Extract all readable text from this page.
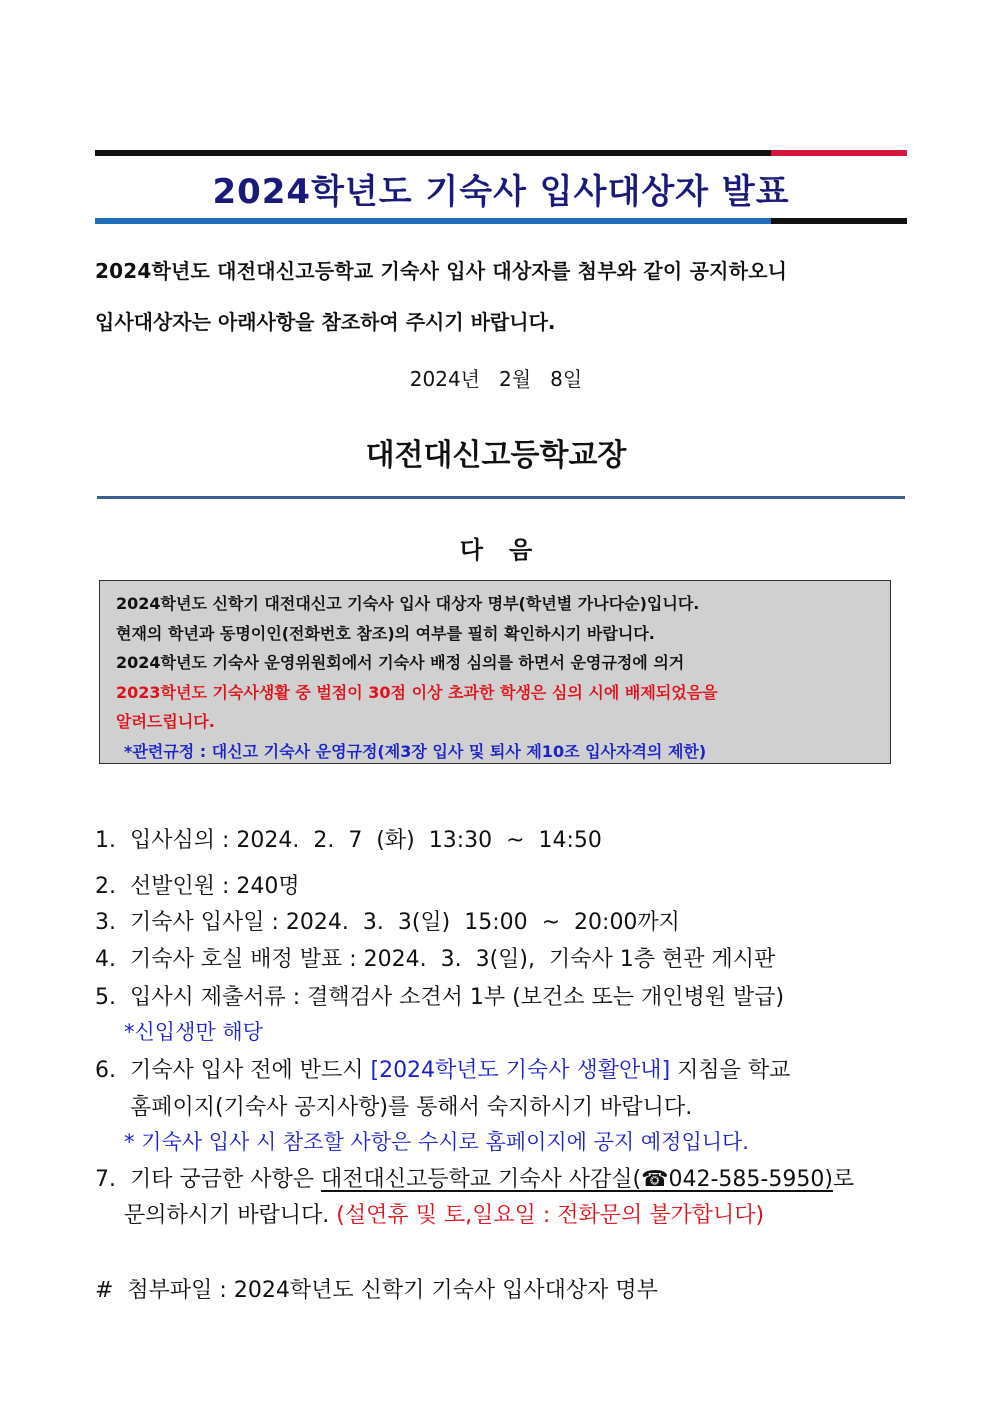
2024학년도 기숙사 입사대상자 발표
2024학년도 대전대신고등학교 기숙사 입사 대상자를 첨부와 같이 공지하오니
입사대상자는 아래사항을 참조하여 주시기 바랍니다.
2024년   2월   8일
대전대신고등학교장
다음
2024학년도 신학기 대전대신고 기숙사 입사 대상자 명부(학년별 가나다순)입니다.
현재의 학년과 동명이인(전화번호 참조)의 여부를 필히 확인하시기 바랍니다.
2024학년도 기숙사 운영위원회에서 기숙사 배정 심의를 하면서 운영규정에 의거
2023학년도 기숙사생활 중 벌점이 30점 이상 초과한 학생은 심의 시에 배제되었음을
알려드립니다.
*관련규정 : 대신고 기숙사 운영규정(제3장 입사 및 퇴사 제10조 입사자격의 제한)
1.  입사심의 : 2024.  2.  7  (화)  13:30  ~  14:50
2.  선발인원 : 240명
3.  기숙사 입사일 : 2024.  3.  3(일)  15:00  ~  20:00까지
4.  기숙사 호실 배정 발표 : 2024.  3.  3(일),  기숙사 1층 현관 게시판
5.  입사시 제출서류 : 결핵검사 소견서 1부 (보건소 또는 개인병원 발급)
*신입생만 해당
6.  기숙사 입사 전에 반드시 [2024학년도 기숙사 생활안내] 지침을 학교
홈페이지(기숙사 공지사항)를 통해서 숙지하시기 바랍니다.
* 기숙사 입사 시 참조할 사항은 수시로 홈페이지에 공지 예정입니다.
7.  기타 궁금한 사항은 대전대신고등학교 기숙사 사감실(☎042-585-5950)로
문의하시기 바랍니다. (설연휴 및 토,일요일 : 전화문의 불가합니다)
#  첨부파일 : 2024학년도 신학기 기숙사 입사대상자 명부
